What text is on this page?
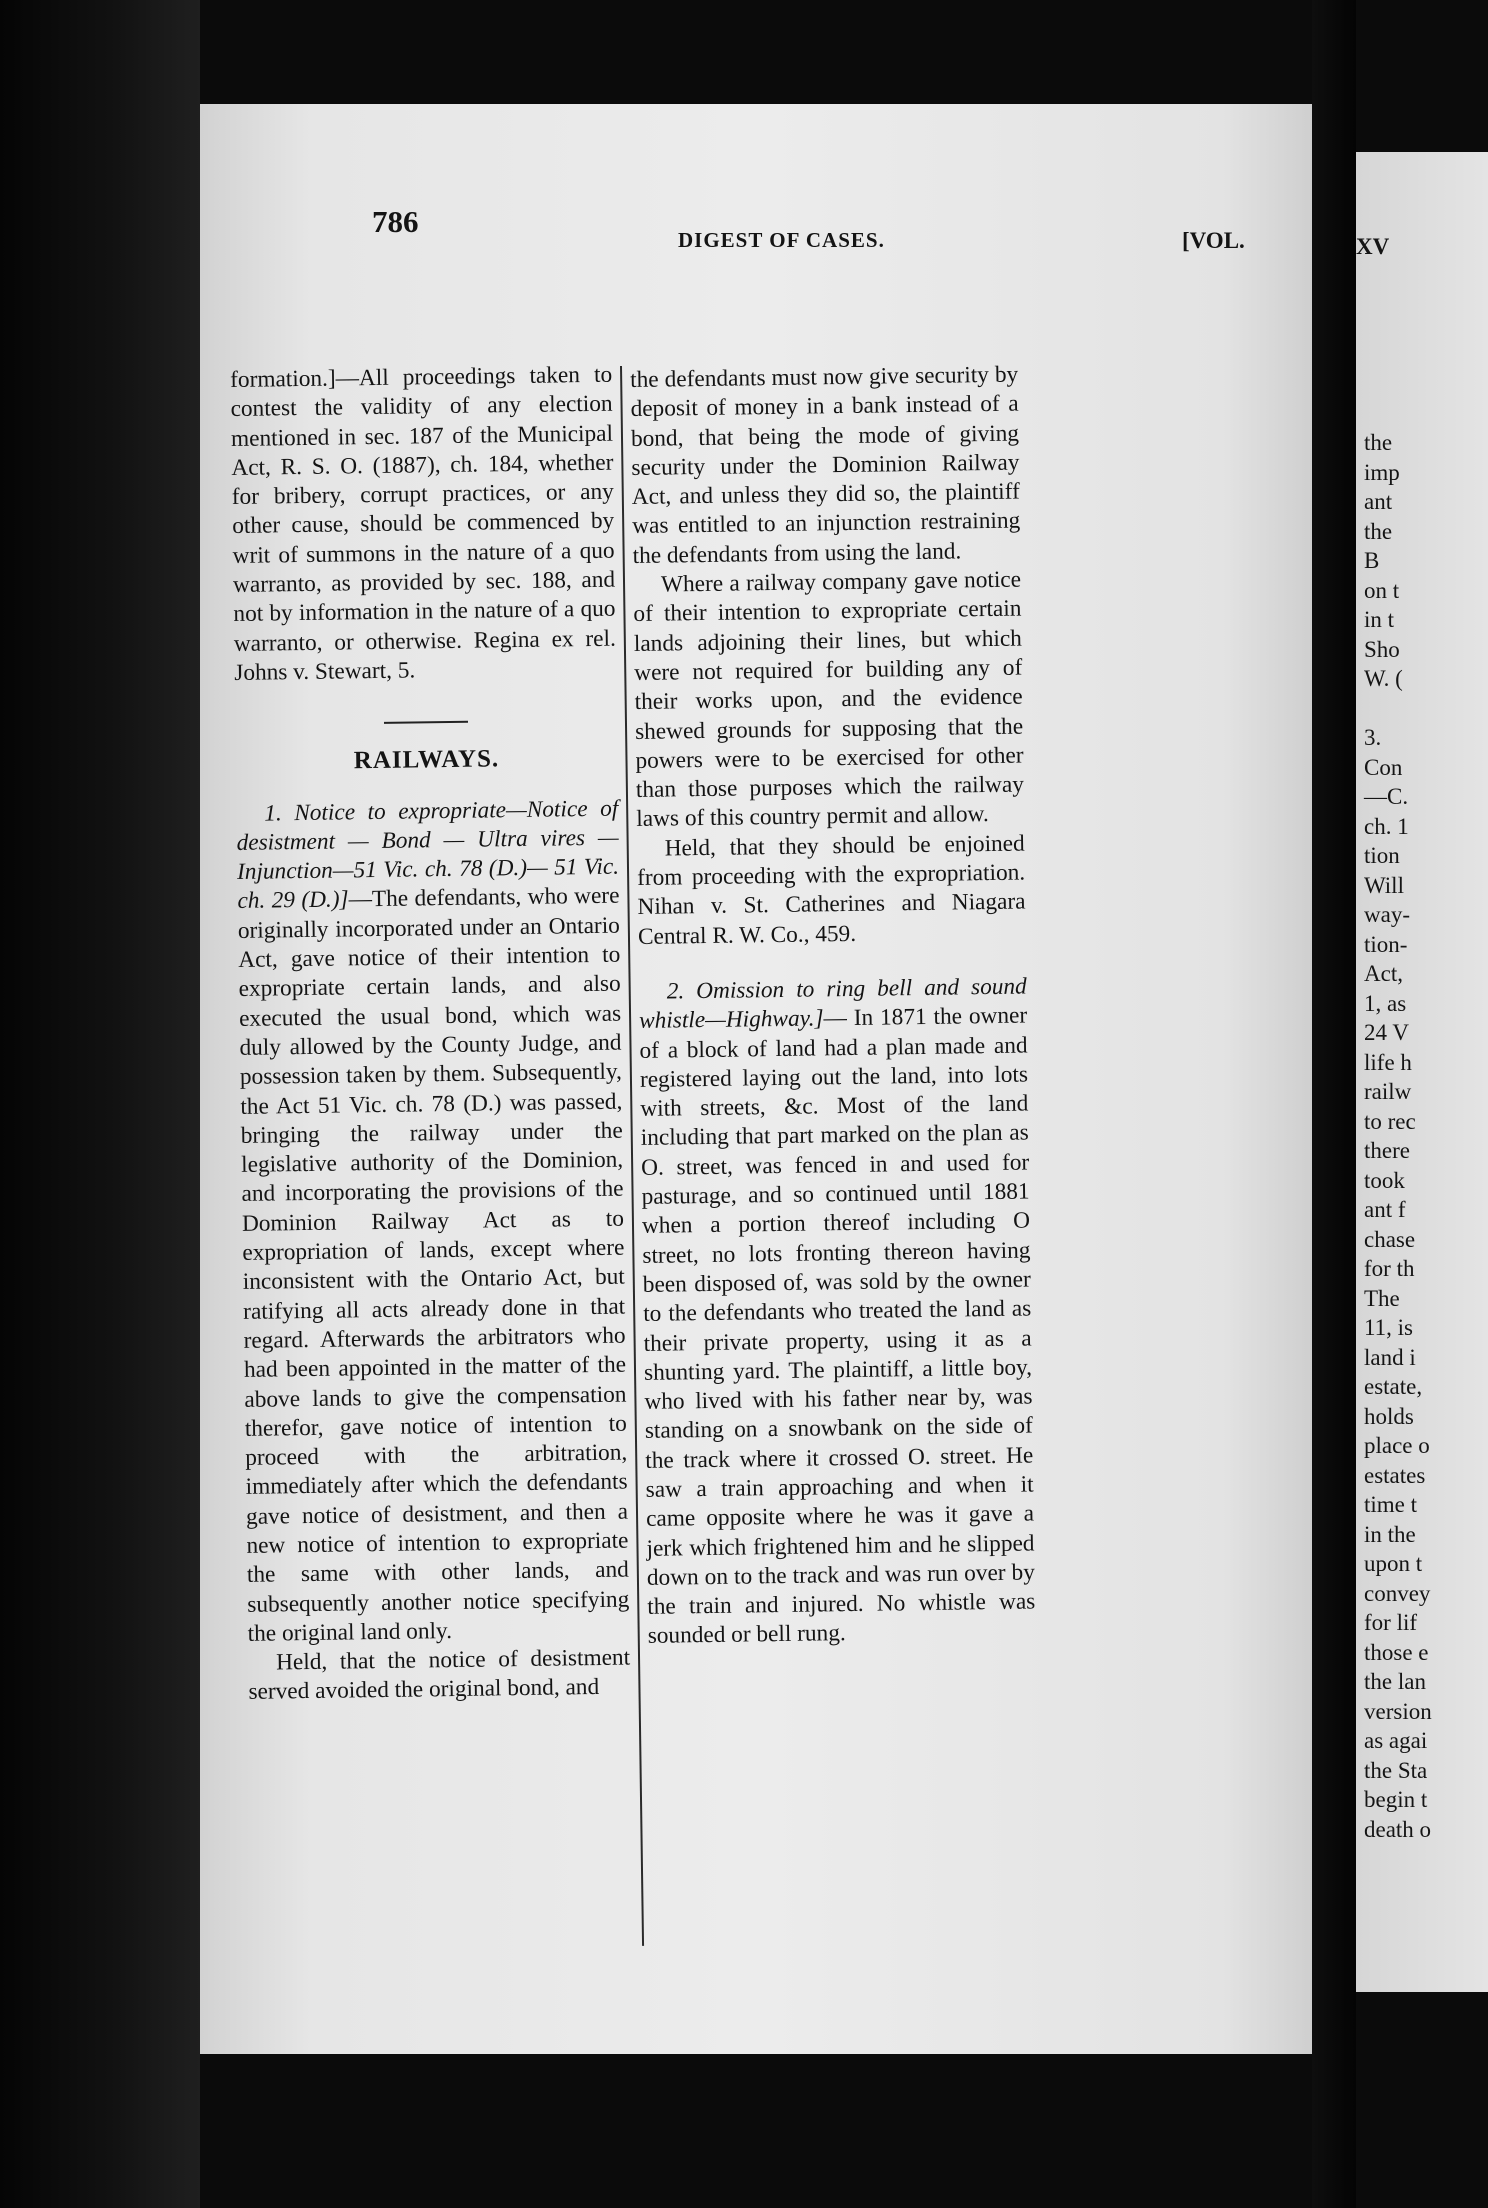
786
DIGEST OF CASES.	[VOL.

formation.]—All proceedings taken to contest the validity of any election mentioned in sec. 187 of the Municipal Act, R. S. O. (1887), ch. 184, whether for bribery, corrupt practices, or any other cause, should be commenced by writ of summons in the nature of a quo warranto, as provided by sec. 188, and not by information in the nature of a quo warranto, or otherwise. Regina ex rel. Johns v. Stewart, 5.

RAILWAYS.

1. Notice to expropriate—Notice of desistment — Bond — Ultra vires —Injunction—51 Vic. ch. 78 (D.)— 51 Vic. ch. 29 (D.)]—The defendants, who were originally incorporated under an Ontario Act, gave notice of their intention to expropriate certain lands, and also executed the usual bond, which was duly allowed by the County Judge, and possession taken by them. Subsequently, the Act 51 Vic. ch. 78 (D.) was passed, bringing the railway under the legislative authority of the Dominion, and incorporating the provisions of the Dominion Railway Act as to expropriation of lands, except where inconsistent with the Ontario Act, but ratifying all acts already done in that regard. Afterwards the arbitrators who had been appointed in the matter of the above lands to give the compensation therefor, gave notice of intention to proceed with the arbitration, immediately after which the defendants gave notice of desistment, and then a new notice of intention to expropriate the same with other lands, and subsequently another notice specifying the original land only.

Held, that the notice of desistment served avoided the original bond, and

the defendants must now give security by deposit of money in a bank instead of a bond, that being the mode of giving security under the Dominion Railway Act, and unless they did so, the plaintiff was entitled to an injunction restraining the defendants from using the land.

Where a railway company gave notice of their intention to expropriate certain lands adjoining their lines, but which were not required for building any of their works upon, and the evidence shewed grounds for supposing that the powers were to be exercised for other than those purposes which the railway laws of this country permit and allow.

Held, that they should be enjoined from proceeding with the expropriation. Nihan v. St. Catherines and Niagara Central R. W. Co., 459.

2. Omission to ring bell and sound whistle—Highway.]— In 1871 the owner of a block of land had a plan made and registered laying out the land, into lots with streets, &c. Most of the land including that part marked on the plan as O. street, was fenced in and used for pasturage, and so continued until 1881 when a portion thereof including O street, no lots fronting thereon having been disposed of, was sold by the owner to the defendants who treated the land as their private property, using it as a shunting yard. The plaintiff, a little boy, who lived with his father near by, was standing on a snowbank on the side of the track where it crossed O. street. He saw a train approaching and when it came opposite where he was it gave a jerk which frightened him and he slipped down on to the track and was run over by the train and injured. No whistle was sounded or bell rung.

XV
the
imp
ant
the
B
on t
in t
Sho
W. (
3.
Con
—C.
ch. 1
tion
Will
way-
tion-
Act,
1, as
24 V
life h
railw
to rec
there
took
ant f
chase
for th
The
11, is
land i
estate,
holds
place o
estates
time t
in the
upon t
convey
for lif
those e
the lan
version
as agai
the Sta
begin t
death o
